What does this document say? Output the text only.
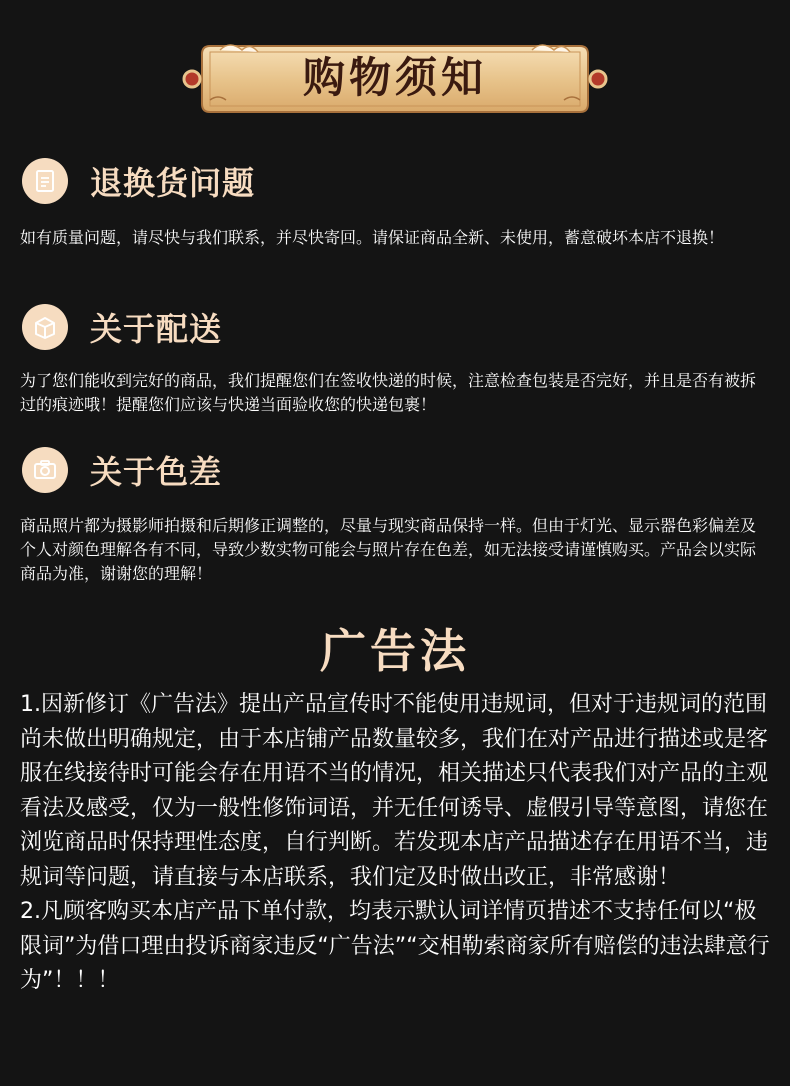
购物须知
退换货问题
如有质量问题，请尽快与我们联系，并尽快寄回。请保证商品全新、未使用，蓄意破坏本店不退换！
关于配送
为了您们能收到完好的商品，我们提醒您们在签收快递的时候，注意检查包装是否完好，并且是否有被拆过的痕迹哦！提醒您们应该与快递当面验收您的快递包裹！
关于色差
商品照片都为摄影师拍摄和后期修正调整的，尽量与现实商品保持一样。但由于灯光、显示器色彩偏差及个人对颜色理解各有不同，导致少数实物可能会与照片存在色差，如无法接受请谨慎购买。产品会以实际商品为准，谢谢您的理解！
广告法

1.因新修订《广告法》提出产品宣传时不能使用违规词，但对于违规词的范围尚未做出明确规定，由于本店铺产品数量较多，我们在对产品进行描述或是客服在线接待时可能会存在用语不当的情况，相关描述只代表我们对产品的主观看法及感受，仅为一般性修饰词语，并无任何诱导、虚假引导等意图，请您在浏览商品时保持理性态度，自行判断。若发现本店产品描述存在用语不当，违规词等问题，请直接与本店联系，我们定及时做出改正，非常感谢！

2.凡顾客购买本店产品下单付款，均表示默认词详情页措述不支持任何以“极限词”为借口理由投诉商家违反“广告法”“交相勒索商家所有赔偿的违法肆意行为”！！！
